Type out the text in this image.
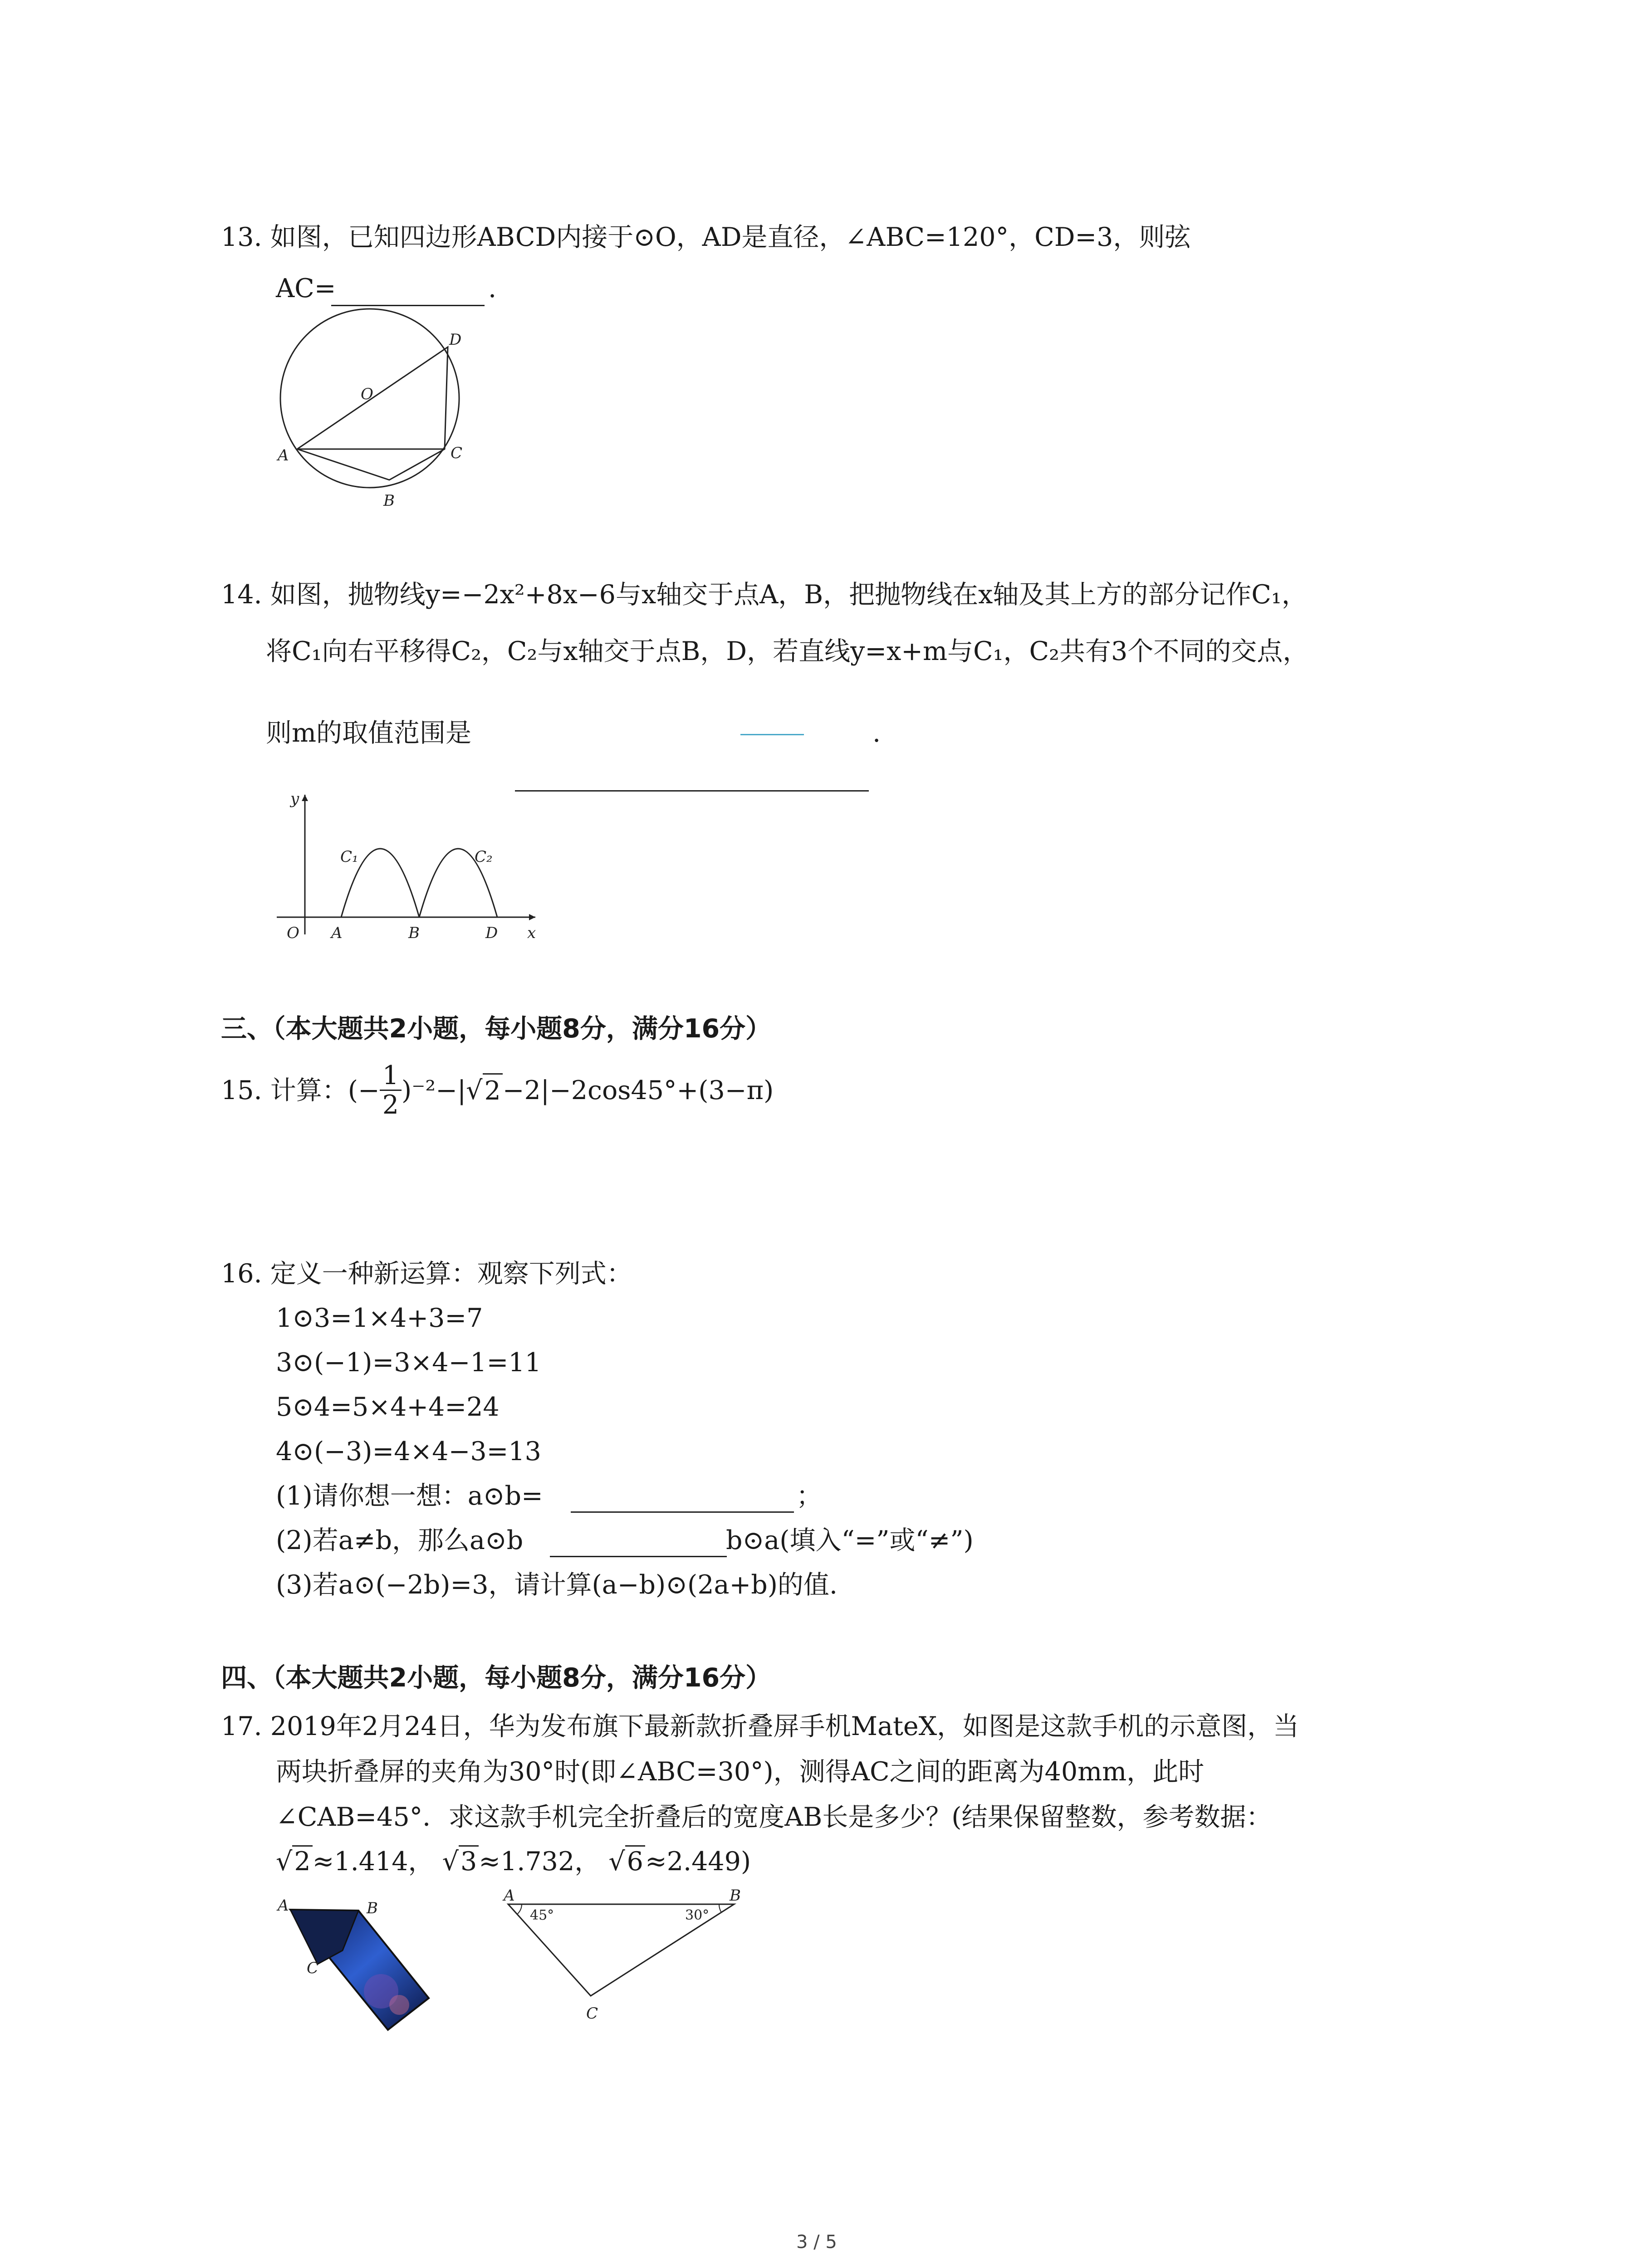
13. 如图，已知四边形ABCD内接于⊙O，AD是直径，∠ABC=120°，CD=3，则弦
AC=	.
A
B
C
D
O
14. 如图，抛物线y=−2x²+8x−6与x轴交于点A，B，把抛物线在x轴及其上方的部分记作C₁，
将C₁向右平移得C₂，C₂与x轴交于点B，D，若直线y=x+m与C₁，C₂共有3个不同的交点，
则m的取值范围是	.
y
x
O A	B	D
C₁	C₂
三、（本大题共2小题，每小题8分，满分16分）
15. 计算：(− $\frac{1}{2} )^{-2}-|$ √ 2 −2|−2cos45°+(3−π)
16. 定义一种新运算：观察下列式：
1⊙3=1×4+3=7
3⊙(−1)=3×4−1=11
5⊙4=5×4+4=24
4⊙(−3)=4×4−3=13
(1)请你想一想：a⊙b=	；
(2)若a≠b，那么a⊙b	b⊙a(填入“=”或“≠”)
(3)若a⊙(−2b)=3，请计算(a−b)⊙(2a+b)的值.
四、（本大题共2小题，每小题8分，满分16分）
17. 2019年2月24日，华为发布旗下最新款折叠屏手机MateX，如图是这款手机的示意图，当
两块折叠屏的夹角为30°时(即∠ABC=30°)，测得AC之间的距离为40mm，此时
∠CAB=45°．求这款手机完全折叠后的宽度AB长是多少？(结果保留整数，参考数据：
√2≈1.414， √3≈1.732， √6≈2.449)
A	B
C
A	B
C
45°	30°
3 / 5
